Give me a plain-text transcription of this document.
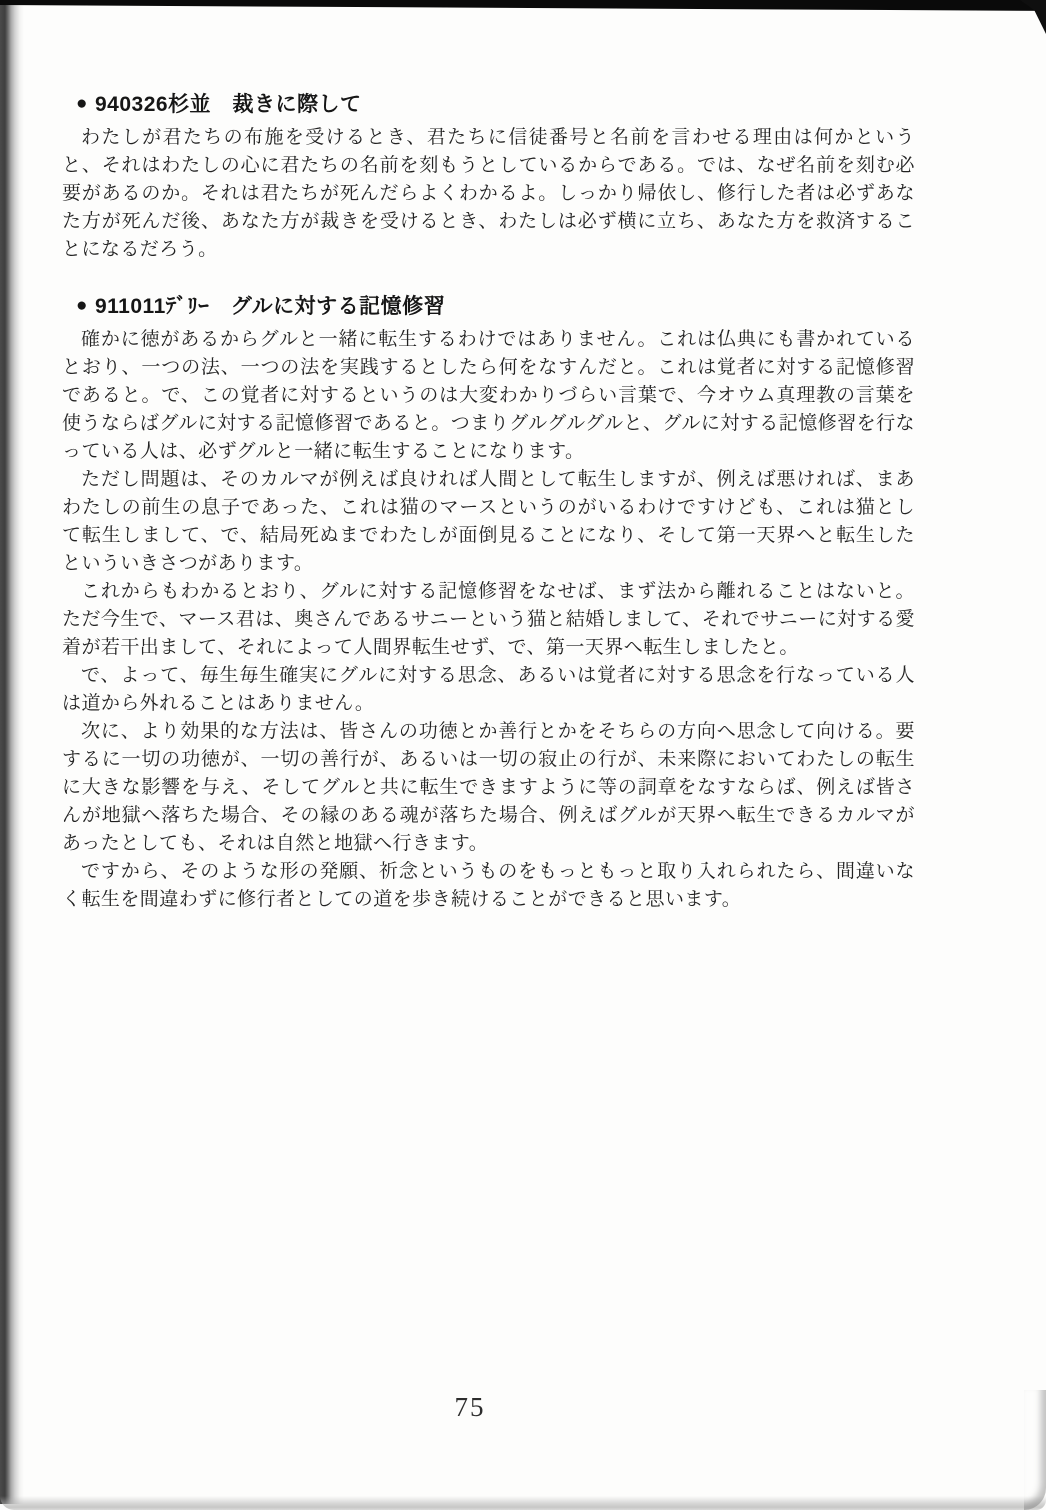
● 940326杉並　裁きに際して

わたしが君たちの布施を受けるとき、君たちに信徒番号と名前を言わせる理由は何かというと、それはわたしの心に君たちの名前を刻もうとしているからである。では、なぜ名前を刻む必要があるのか。それは君たちが死んだらよくわかるよ。しっかり帰依し、修行した者は必ずあなた方が死んだ後、あなた方が裁きを受けるとき、わたしは必ず横に立ち、あなた方を救済することになるだろう。

● 911011ﾃﾞﾘｰ　グルに対する記憶修習

確かに徳があるからグルと一緒に転生するわけではありません。これは仏典にも書かれているとおり、一つの法、一つの法を実践するとしたら何をなすんだと。これは覚者に対する記憶修習であると。で、この覚者に対するというのは大変わかりづらい言葉で、今オウム真理教の言葉を使うならばグルに対する記憶修習であると。つまりグルグルグルと、グルに対する記憶修習を行なっている人は、必ずグルと一緒に転生することになります。

ただし問題は、そのカルマが例えば良ければ人間として転生しますが、例えば悪ければ、まあわたしの前生の息子であった、これは猫のマースというのがいるわけですけども、これは猫として転生しまして、で、結局死ぬまでわたしが面倒見ることになり、そして第一天界へと転生したといういきさつがあります。

これからもわかるとおり、グルに対する記憶修習をなせば、まず法から離れることはないと。ただ今生で、マース君は、奥さんであるサニーという猫と結婚しまして、それでサニーに対する愛着が若干出まして、それによって人間界転生せず、で、第一天界へ転生しましたと。

で、よって、毎生毎生確実にグルに対する思念、あるいは覚者に対する思念を行なっている人は道から外れることはありません。

次に、より効果的な方法は、皆さんの功徳とか善行とかをそちらの方向へ思念して向ける。要するに一切の功徳が、一切の善行が、あるいは一切の寂止の行が、未来際においてわたしの転生に大きな影響を与え、そしてグルと共に転生できますように等の詞章をなすならば、例えば皆さんが地獄へ落ちた場合、その縁のある魂が落ちた場合、例えばグルが天界へ転生できるカルマがあったとしても、それは自然と地獄へ行きます。

ですから、そのような形の発願、祈念というものをもっともっと取り入れられたら、間違いなく転生を間違わずに修行者としての道を歩き続けることができると思います。

75
